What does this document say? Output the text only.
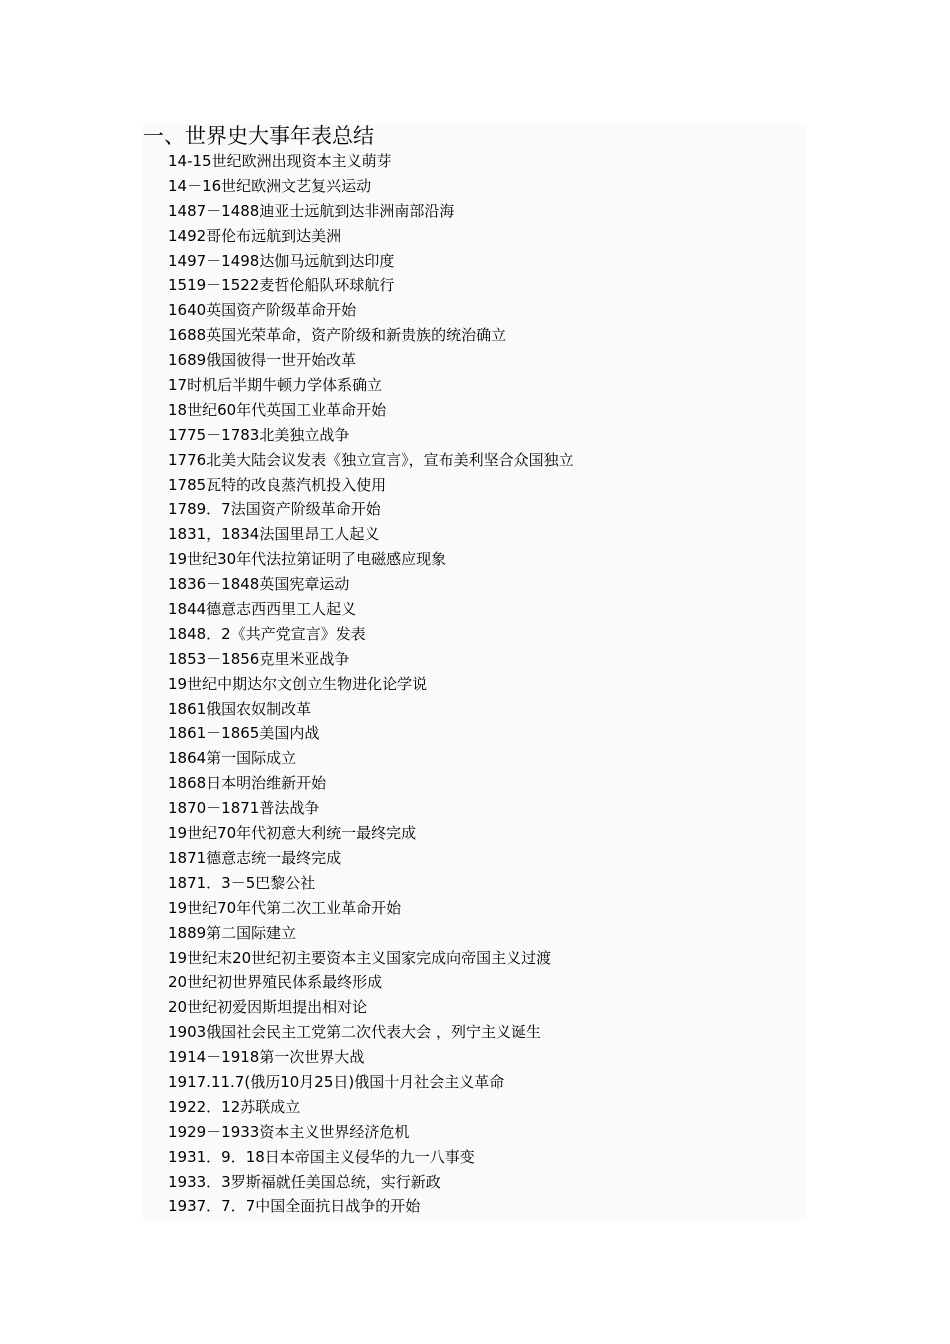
一、世界史大事年表总结
14-15世纪欧洲出现资本主义萌芽
14－16世纪欧洲文艺复兴运动
1487－1488迪亚士远航到达非洲南部沿海
1492哥伦布远航到达美洲
1497－1498达伽马远航到达印度
1519－1522麦哲伦船队环球航行
1640英国资产阶级革命开始
1688英国光荣革命，资产阶级和新贵族的统治确立
1689俄国彼得一世开始改革
17时机后半期牛顿力学体系确立
18世纪60年代英国工业革命开始
1775－1783北美独立战争
1776北美大陆会议发表《独立宣言》，宣布美利坚合众国独立
1785瓦特的改良蒸汽机投入使用
1789．7法国资产阶级革命开始
1831，1834法国里昂工人起义
19世纪30年代法拉第证明了电磁感应现象
1836－1848英国宪章运动
1844德意志西西里工人起义
1848．2《共产党宣言》发表
1853－1856克里米亚战争
19世纪中期达尔文创立生物进化论学说
1861俄国农奴制改革
1861－1865美国内战
1864第一国际成立
1868日本明治维新开始
1870－1871普法战争
19世纪70年代初意大利统一最终完成
1871德意志统一最终完成
1871．3－5巴黎公社
19世纪70年代第二次工业革命开始
1889第二国际建立
19世纪末20世纪初主要资本主义国家完成向帝国主义过渡
20世纪初世界殖民体系最终形成
20世纪初爱因斯坦提出相对论
1903俄国社会民主工党第二次代表大会 ，列宁主义诞生
1914－1918第一次世界大战
1917.11.7(俄历10月25日)俄国十月社会主义革命
1922．12苏联成立
1929－1933资本主义世界经济危机
1931．9．18日本帝国主义侵华的九一八事变
1933．3罗斯福就任美国总统，实行新政
1937．7．7中国全面抗日战争的开始
